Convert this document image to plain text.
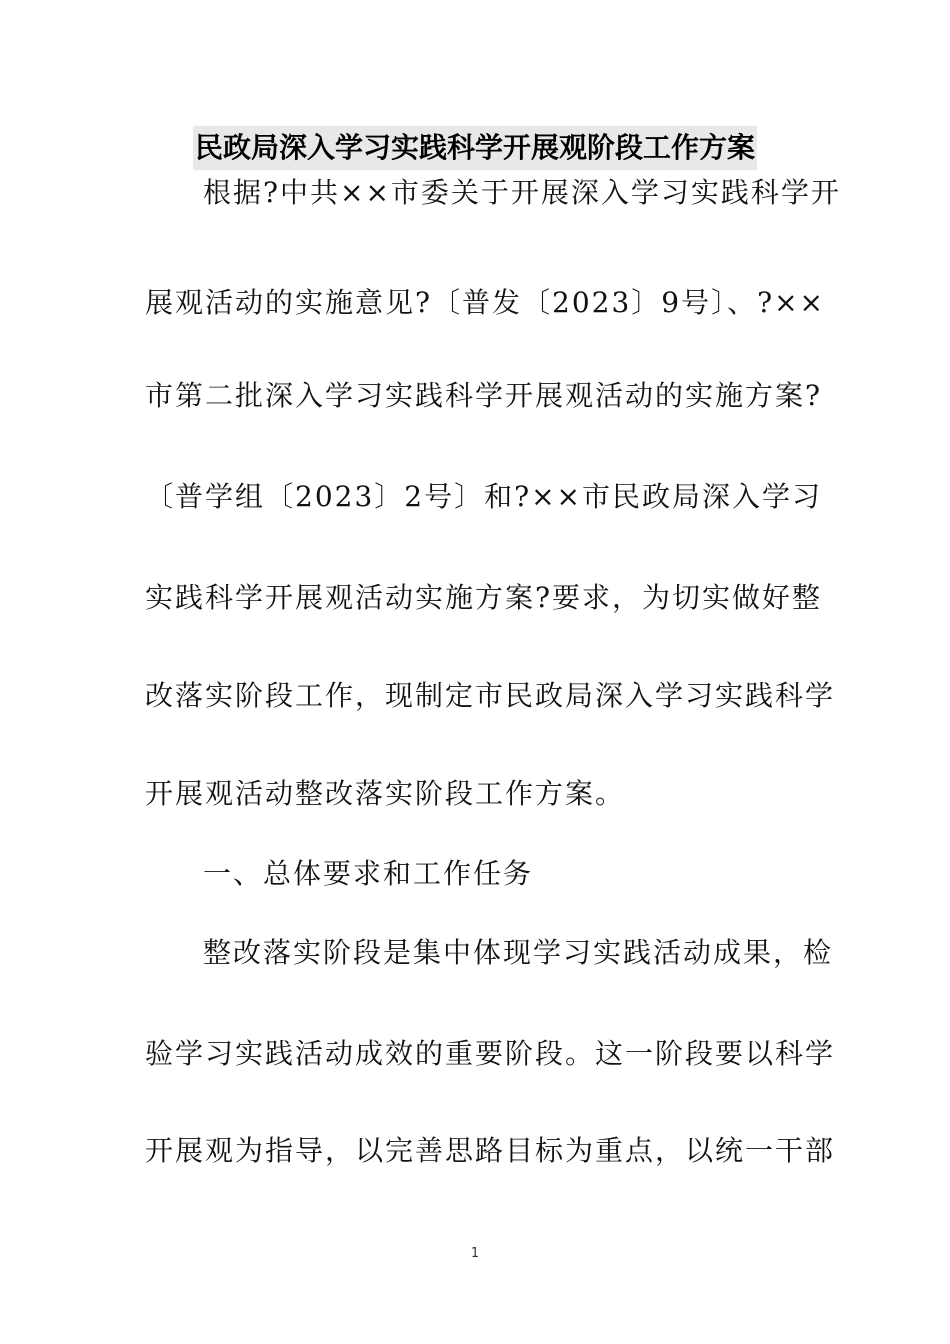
民政局深入学习实践科学开展观阶段工作方案
根据?中共××市委关于开展深入学习实践科学开
展观活动的实施意见?〔普发〔2023〕9号〕、?××
市第二批深入学习实践科学开展观活动的实施方案?
〔普学组〔2023〕2号〕和?××市民政局深入学习
实践科学开展观活动实施方案?要求，为切实做好整
改落实阶段工作，现制定市民政局深入学习实践科学
开展观活动整改落实阶段工作方案。
一、总体要求和工作任务
整改落实阶段是集中体现学习实践活动成果，检
验学习实践活动成效的重要阶段。这一阶段要以科学
开展观为指导，以完善思路目标为重点，以统一干部
1
